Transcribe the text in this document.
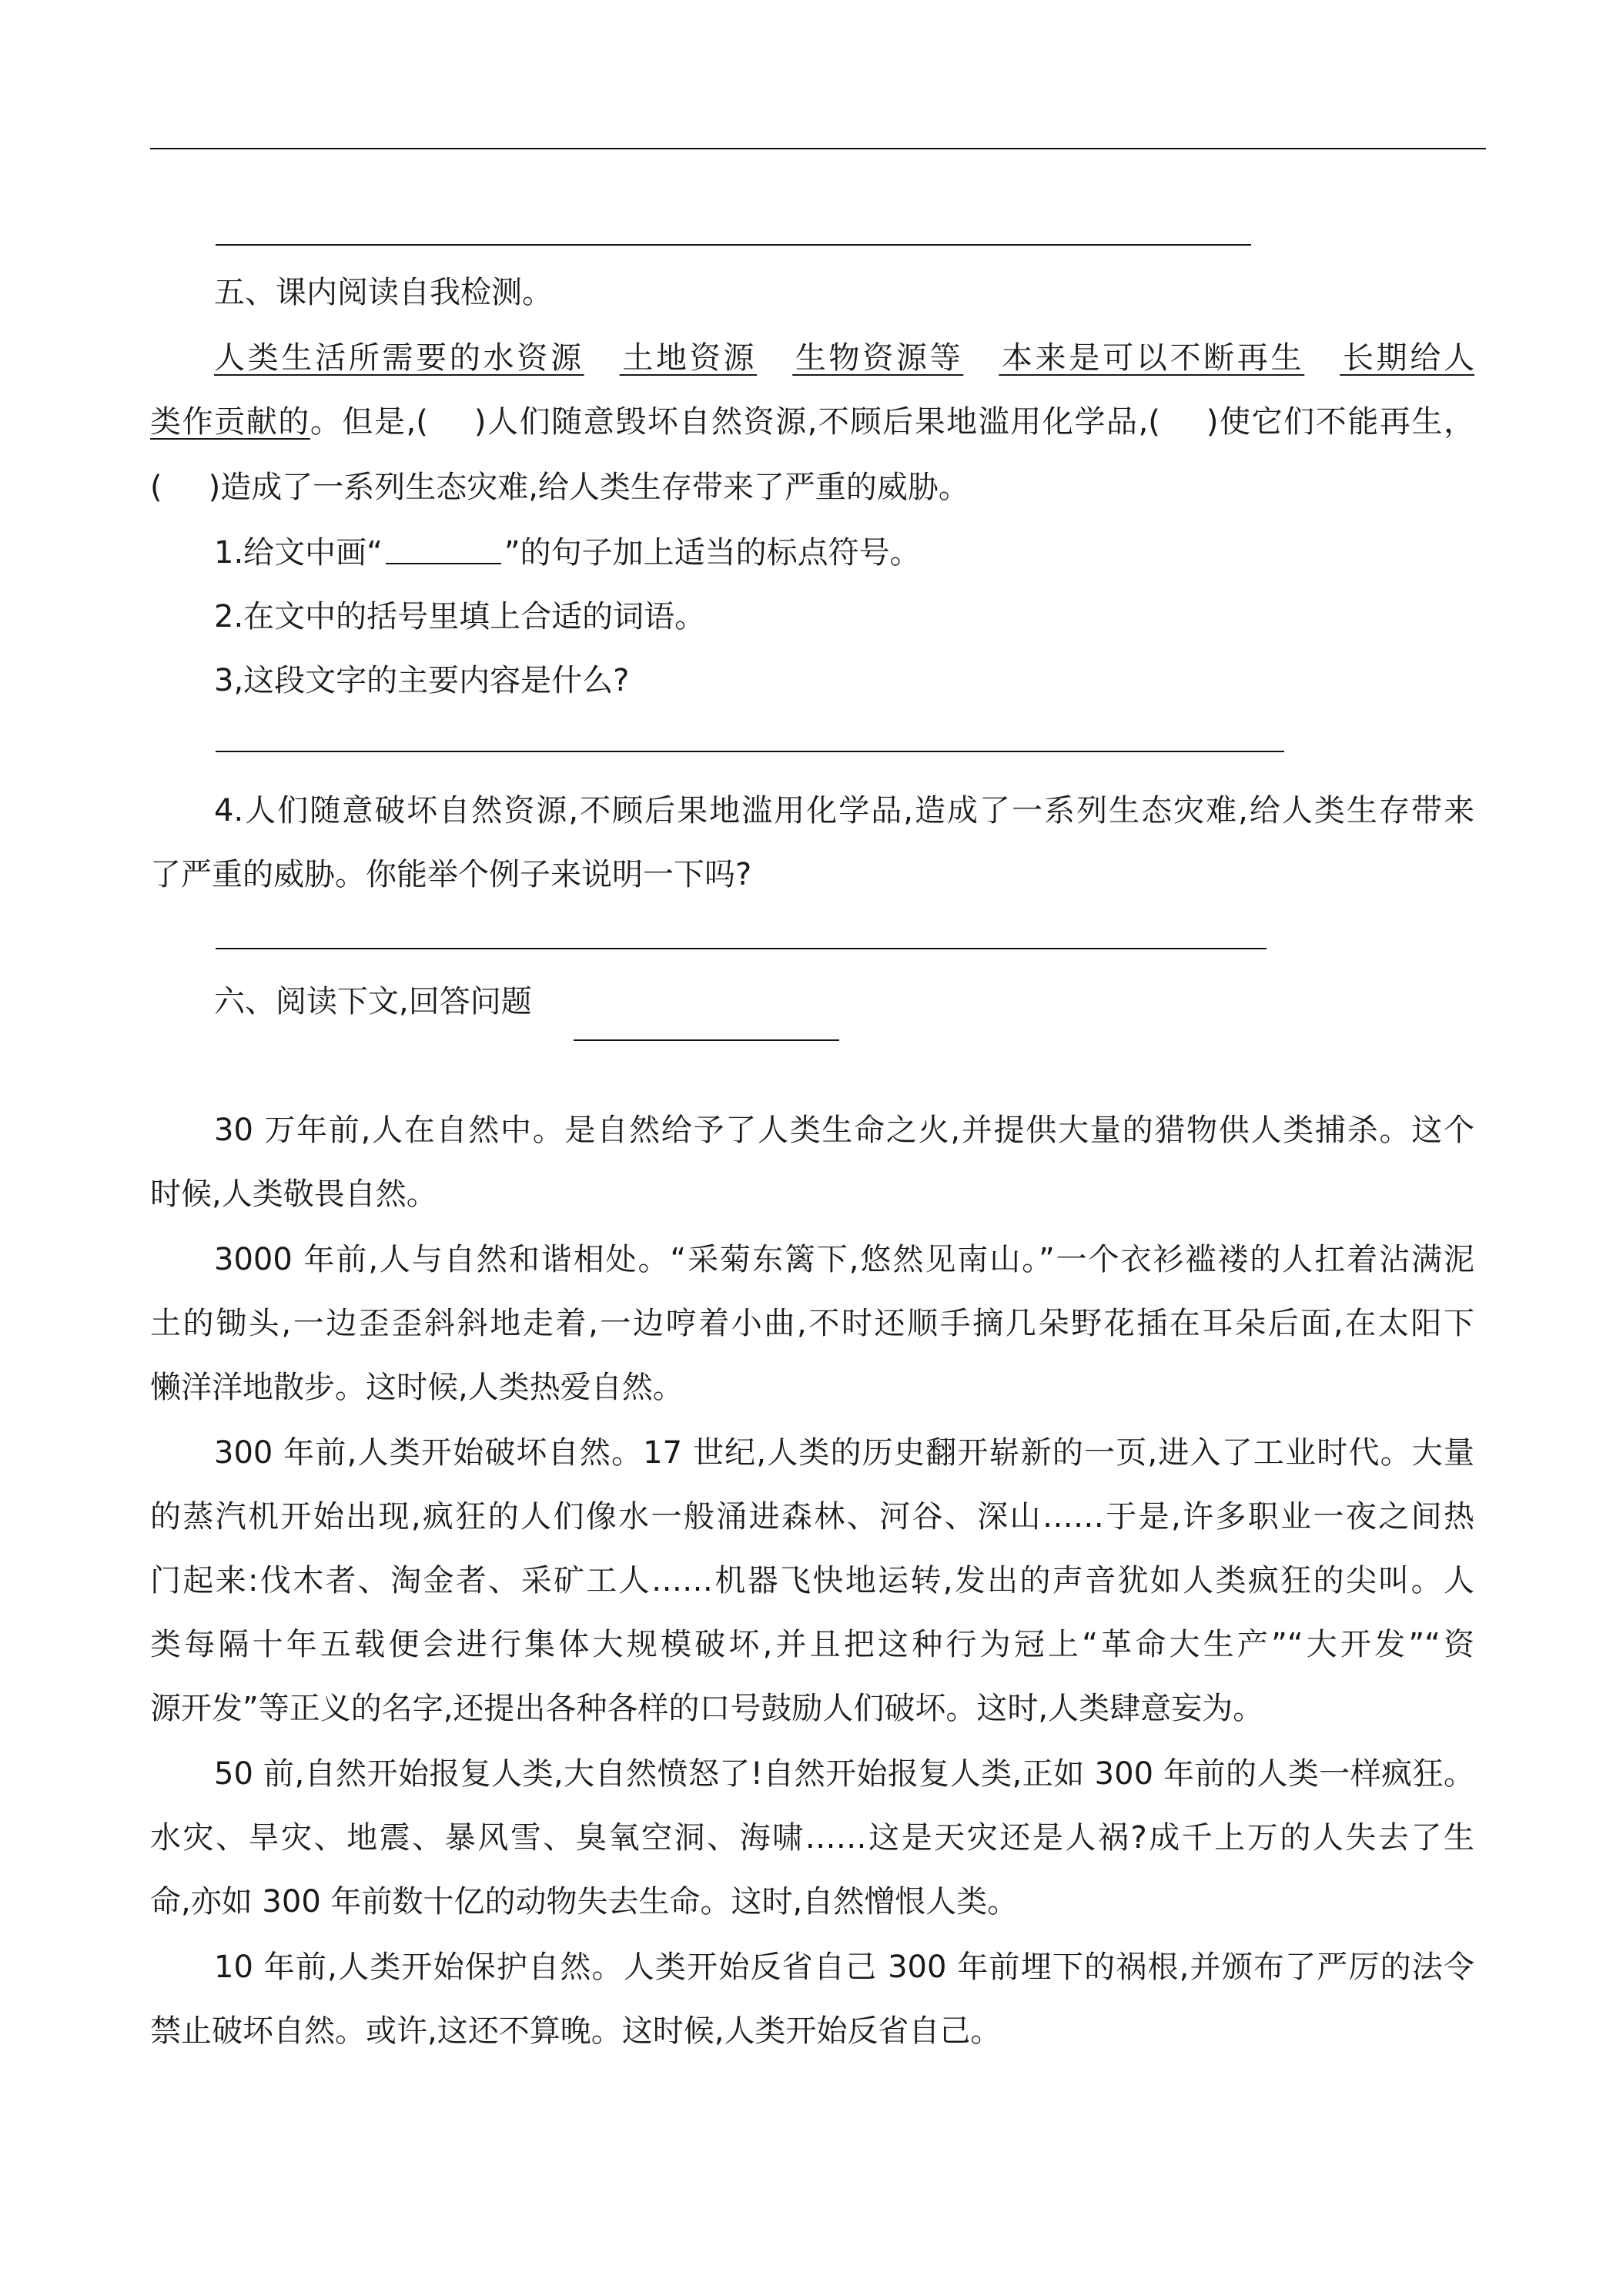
五、课内阅读自我检测。
人类生活所需要的水资源 土地资源 生物资源等 本来是可以不断再生 长期给人
类作贡献的。但是,( )人们随意毁坏自然资源,不顾后果地滥用化学品,( )使它们不能再生，
( )造成了一系列生态灾难,给人类生存带来了严重的威胁。
1.给文中画“	”的句子加上适当的标点符号。
2.在文中的括号里填上合适的词语。
3,这段文字的主要内容是什么?
4.人们随意破坏自然资源,不顾后果地滥用化学品,造成了一系列生态灾难,给人类生存带来
了严重的威胁。你能举个例子来说明一下吗?
六、阅读下文,回答问题
30 万年前,人在自然中。是自然给予了人类生命之火,并提供大量的猎物供人类捕杀。这个
时候,人类敬畏自然。
3000 年前,人与自然和谐相处。“采菊东篱下,悠然见南山。”一个衣衫褴褛的人扛着沾满泥
土的锄头,一边歪歪斜斜地走着,一边哼着小曲,不时还顺手摘几朵野花插在耳朵后面,在太阳下
懒洋洋地散步。这时候,人类热爱自然。
300 年前,人类开始破坏自然。17 世纪,人类的历史翻开崭新的一页,进入了工业时代。大量
的蒸汽机开始出现,疯狂的人们像水一般涌进森林、河谷、深山……于是,许多职业一夜之间热
门起来:伐木者、淘金者、采矿工人……机器飞快地运转,发出的声音犹如人类疯狂的尖叫。人
类每隔十年五载便会进行集体大规模破坏,并且把这种行为冠上“革命大生产”“大开发”“资
源开发”等正义的名字,还提出各种各样的口号鼓励人们破坏。这时,人类肆意妄为。
50 前,自然开始报复人类,大自然愤怒了!自然开始报复人类,正如 300 年前的人类一样疯狂。
水灾、旱灾、地震、暴风雪、臭氧空洞、海啸……这是天灾还是人祸?成千上万的人失去了生
命,亦如 300 年前数十亿的动物失去生命。这时,自然憎恨人类。
10 年前,人类开始保护自然。人类开始反省自己 300 年前埋下的祸根,并颁布了严厉的法令
禁止破坏自然。或许,这还不算晚。这时候,人类开始反省自己。
